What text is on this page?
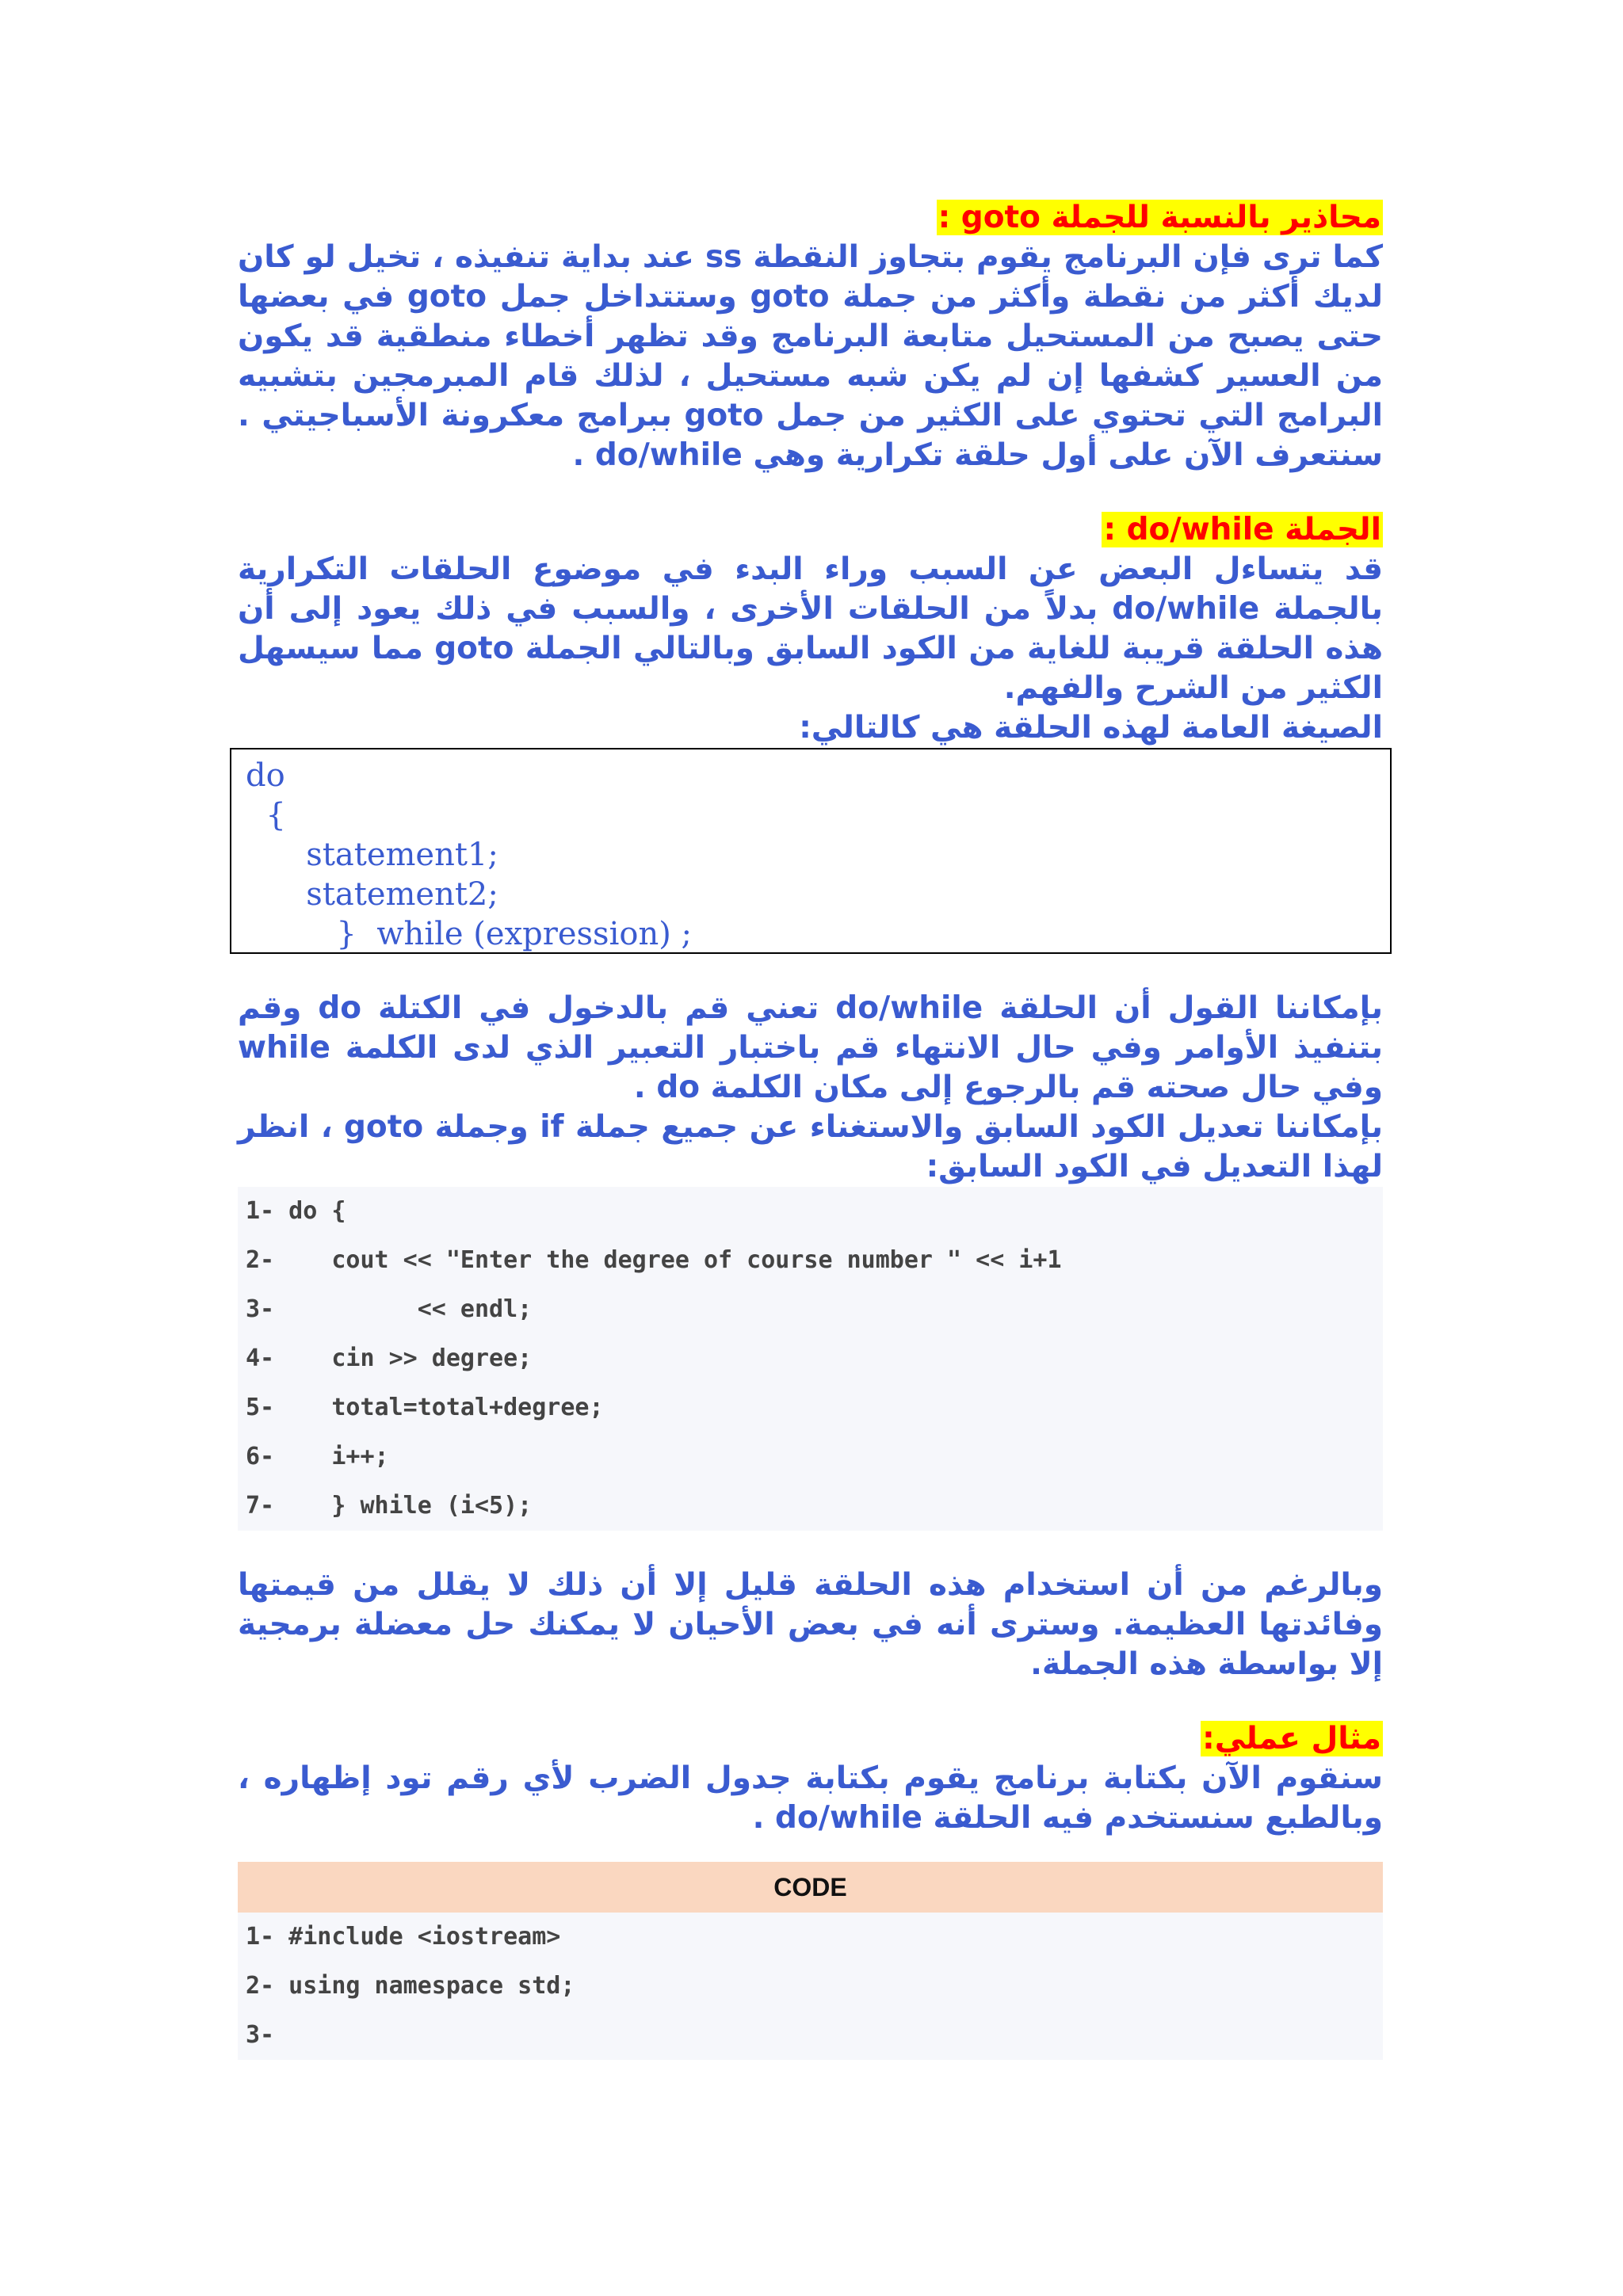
محاذير بالنسبة للجملة goto :

كما ترى فإن البرنامج يقوم بتجاوز النقطة ss عند بداية تنفيذه ، تخيل لو كان لديك أكثر من نقطة وأكثر من جملة goto وستتداخل جمل goto في بعضها حتى يصبح من المستحيل متابعة البرنامج وقد تظهر أخطاء منطقية قد يكون من العسير كشفها إن لم يكن شبه مستحيل ، لذلك قام المبرمجين بتشبيه البرامج التي تحتوي على الكثير من جمل goto ببرامج معكرونة الأسباجيتي . سنتعرف الآن على أول حلقة تكرارية وهي do/while .

الجملة do/while :

قد يتساءل البعض عن السبب وراء البدء في موضوع الحلقات التكرارية بالجملة do/while بدلاً من الحلقات الأخرى ، والسبب في ذلك يعود إلى أن هذه الحلقة قريبة للغاية من الكود السابق وبالتالي الجملة goto مما سيسهل الكثير من الشرح والفهم.

الصيغة العامة لهذه الحلقة هي كالتالي:

do
{
statement1;
statement2;
}  while (expression) ;

بإمكاننا القول أن الحلقة do/while تعني قم بالدخول في الكتلة do وقم بتنفيذ الأوامر وفي حال الانتهاء قم باختبار التعبير الذي لدى الكلمة while وفي حال صحته قم بالرجوع إلى مكان الكلمة do .

بإمكاننا تعديل الكود السابق والاستغناء عن جميع جملة if وجملة goto ، انظر لهذا التعديل في الكود السابق:

1- do {
2-    cout << "Enter the degree of course number " << i+1
3-          << endl;
4-    cin >> degree;
5-    total=total+degree;
6-    i++;
7-    } while (i<5);

وبالرغم من أن استخدام هذه الحلقة قليل إلا أن ذلك لا يقلل من قيمتها وفائدتها العظيمة. وسترى أنه في بعض الأحيان لا يمكنك حل معضلة برمجية إلا بواسطة هذه الجملة.

مثال عملي:

سنقوم الآن بكتابة برنامج يقوم بكتابة جدول الضرب لأي رقم تود إظهاره ، وبالطبع سنستخدم فيه الحلقة do/while .

CODE
1- #include <iostream>
2- using namespace std;
3-
